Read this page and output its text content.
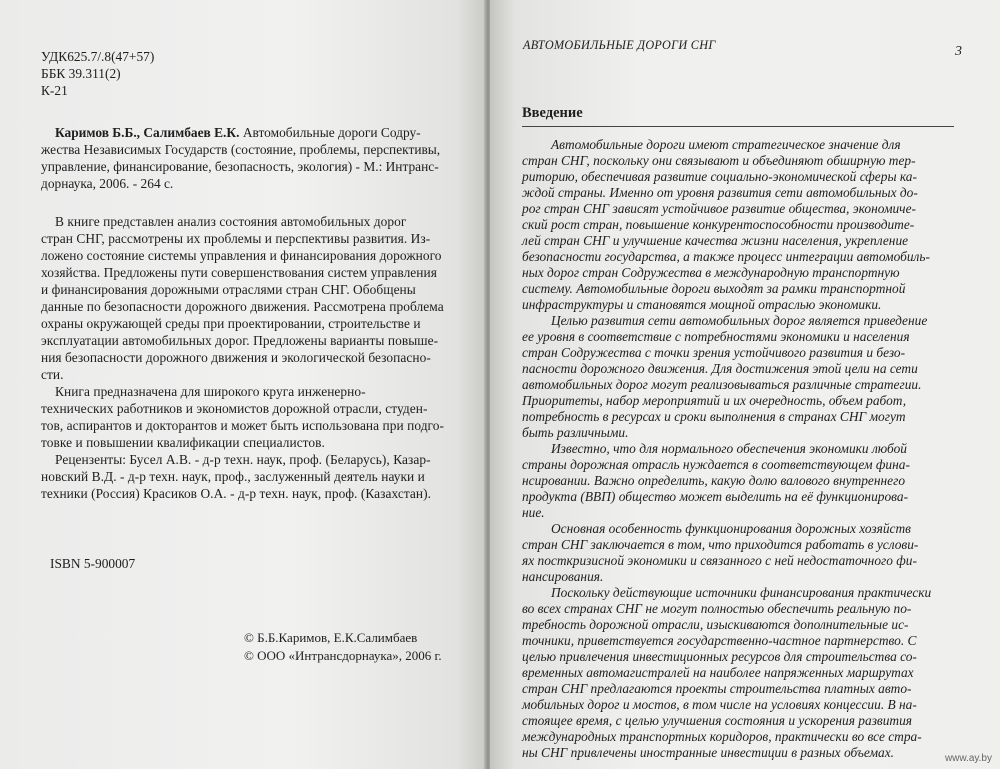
УДК625.7/.8(47+57)
ББК 39.311(2)
К-21
Каримов Б.Б., Салимбаев Е.К. Автомобильные дороги Содру-
жества Независимых Государств (состояние, проблемы, перспективы,
управление, финансирование, безопасность, экология) - М.: Интранс-
дорнаука, 2006. - 264 с.
В книге представлен анализ состояния автомобильных дорог
стран СНГ, рассмотрены их проблемы и перспективы развития. Из-
ложено состояние системы управления и финансирования дорожного
хозяйства. Предложены пути совершенствования систем управления
и финансирования дорожными отраслями стран СНГ. Обобщены
данные по безопасности дорожного движения. Рассмотрена проблема
охраны окружающей среды при проектировании, строительстве и
эксплуатации автомобильных дорог. Предложены варианты повыше-
ния безопасности дорожного движения и экологической безопасно-
сти.
Книга предназначена для широкого круга инженерно-
технических работников и экономистов дорожной отрасли, студен-
тов, аспирантов и докторантов и может быть использована при подго-
товке и повышении квалификации специалистов.
Рецензенты: Бусел А.В. - д-р техн. наук, проф. (Беларусь), Казар-
новский В.Д. - д-р техн. наук, проф., заслуженный деятель науки и
техники (Россия) Красиков О.А. - д-р техн. наук, проф. (Казахстан).
ISBN 5-900007
© Б.Б.Каримов, Е.К.Салимбаев
© ООО «Интрансдорнаука», 2006 г.
АВТОМОБИЛЬНЫЕ ДОРОГИ СНГ	3
Введение
Автомобильные дороги имеют стратегическое значение для
стран СНГ, поскольку они связывают и объединяют обширную тер-
риторию, обеспечивая развитие социально-экономической сферы ка-
ждой страны. Именно от уровня развития сети автомобильных до-
рог стран СНГ зависят устойчивое развитие общества, экономиче-
ский рост стран, повышение конкурентоспособности производите-
лей стран СНГ и улучшение качества жизни населения, укрепление
безопасности государства, а также процесс интеграции автомобиль-
ных дорог стран Содружества в международную транспортную
систему. Автомобильные дороги выходят за рамки транспортной
инфраструктуры и становятся мощной отраслью экономики.
Целью развития сети автомобильных дорог является приведение
ее уровня в соответствие с потребностями экономики и населения
стран Содружества с точки зрения устойчивого развития и безо-
пасности дорожного движения. Для достижения этой цели на сети
автомобильных дорог могут реализовываться различные стратегии.
Приоритеты, набор мероприятий и их очередность, объем работ,
потребность в ресурсах и сроки выполнения в странах СНГ могут
быть различными.
Известно, что для нормального обеспечения экономики любой
страны дорожная отрасль нуждается в соответствующем фина-
нсировании. Важно определить, какую долю валового внутреннего
продукта (ВВП) общество может выделить на её функционирова-
ние.
Основная особенность функционирования дорожных хозяйств
стран СНГ заключается в том, что приходится работать в услови-
ях посткризисной экономики и связанного с ней недостаточного фи-
нансирования.
Поскольку действующие источники финансирования практически
во всех странах СНГ не могут полностью обеспечить реальную по-
требность дорожной отрасли, изыскиваются дополнительные ис-
точники, приветствуется государственно-частное партнерство. С
целью привлечения инвестиционных ресурсов для строительства со-
временных автомагистралей на наиболее напряженных маршрутах
стран СНГ предлагаются проекты строительства платных авто-
мобильных дорог и мостов, в том числе на условиях концессии. В на-
стоящее время, с целью улучшения состояния и ускорения развития
международных транспортных коридоров, практически во все стра-
ны СНГ привлечены иностранные инвестиции в разных объемах.	www.ay.by
